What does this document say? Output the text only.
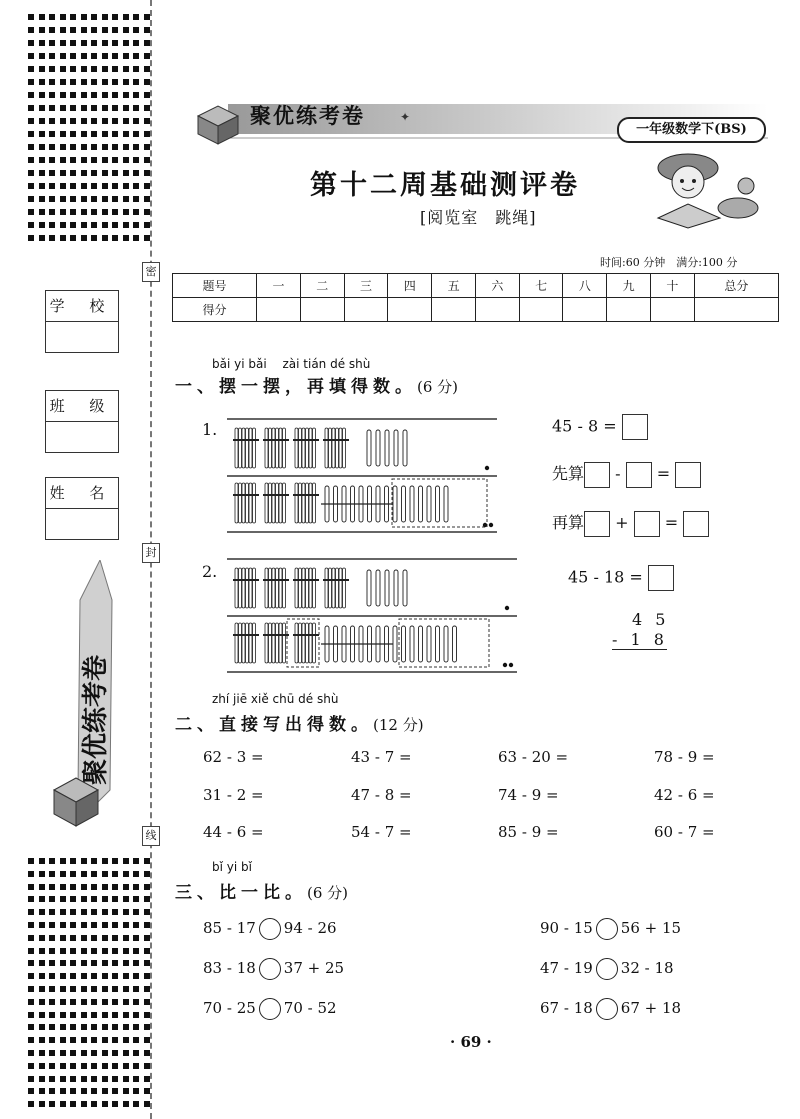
密
封
线
学 校
班 级
姓 名
聚优练考卷
✦
聚优练考卷
一年级数学下(BS)
第十二周基础测评卷
[阅览室　跳绳]
时间:60 分钟　满分:100 分
题号	一	二	三	四	五	六	七	八	九	十	总分
得分											
bǎi yi bǎi　 zài tián dé shù
一、摆一摆，再填得数。(6 分)
1.	45 - 8 =
先算 - =
再算 + =
2.	45 - 18 =
4 5
- 1 8
zhí jiē xiě chū dé shù
二、直接写出得数。(12 分)
62 - 3 =	43 - 7 =	63 - 20 =	78 - 9 =
31 - 2 =	47 - 8 =	74 - 9 =	42 - 6 =
44 - 6 =	54 - 7 =	85 - 9 =	60 - 7 =
bǐ yi bǐ
三、比一比。(6 分)
85 - 17 94 - 26	90 - 15 56 + 15
83 - 18 37 + 25	47 - 19 32 - 18
70 - 25 70 - 52	67 - 18 67 + 18
· 69 ·
